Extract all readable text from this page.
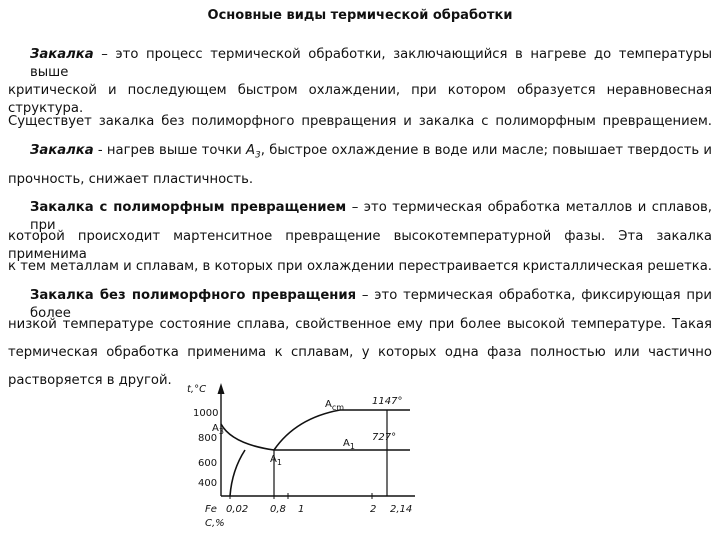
Основные виды термической обработки
Закалка – это процесс термической обработки, заключающийся в нагреве до температуры выше
критической и последующем быстром охлаждении, при котором образуется неравновесная структура.
Существует закалка без полиморфного превращения и закалка с полиморфным превращением.
Закалка - нагрев выше точки $А_3$, быстрое охлаждение в воде или масле; повышает твердость и
прочность, снижает пластичность.
Закалка с полиморфным превращением – это термическая обработка металлов и сплавов, при
которой происходит мартенситное превращение высокотемпературной фазы. Эта закалка применима
к тем металлам и сплавам, в которых при охлаждении перестраивается кристаллическая решетка.
Закалка без полиморфного превращения – это термическая обработка, фиксирующая при более
низкой температуре состояние сплава, свойственное ему при более высокой температуре. Такая
термическая обработка применима к сплавам, у которых одна фаза полностью или частично
растворяется в другой.
t,°C
1000
800
600
400
$A_{cm}$
$A_3$
$A_1$
$A_1$
1147°
727°
Fe 0,02 0,8 1	2 2,14
C,%
